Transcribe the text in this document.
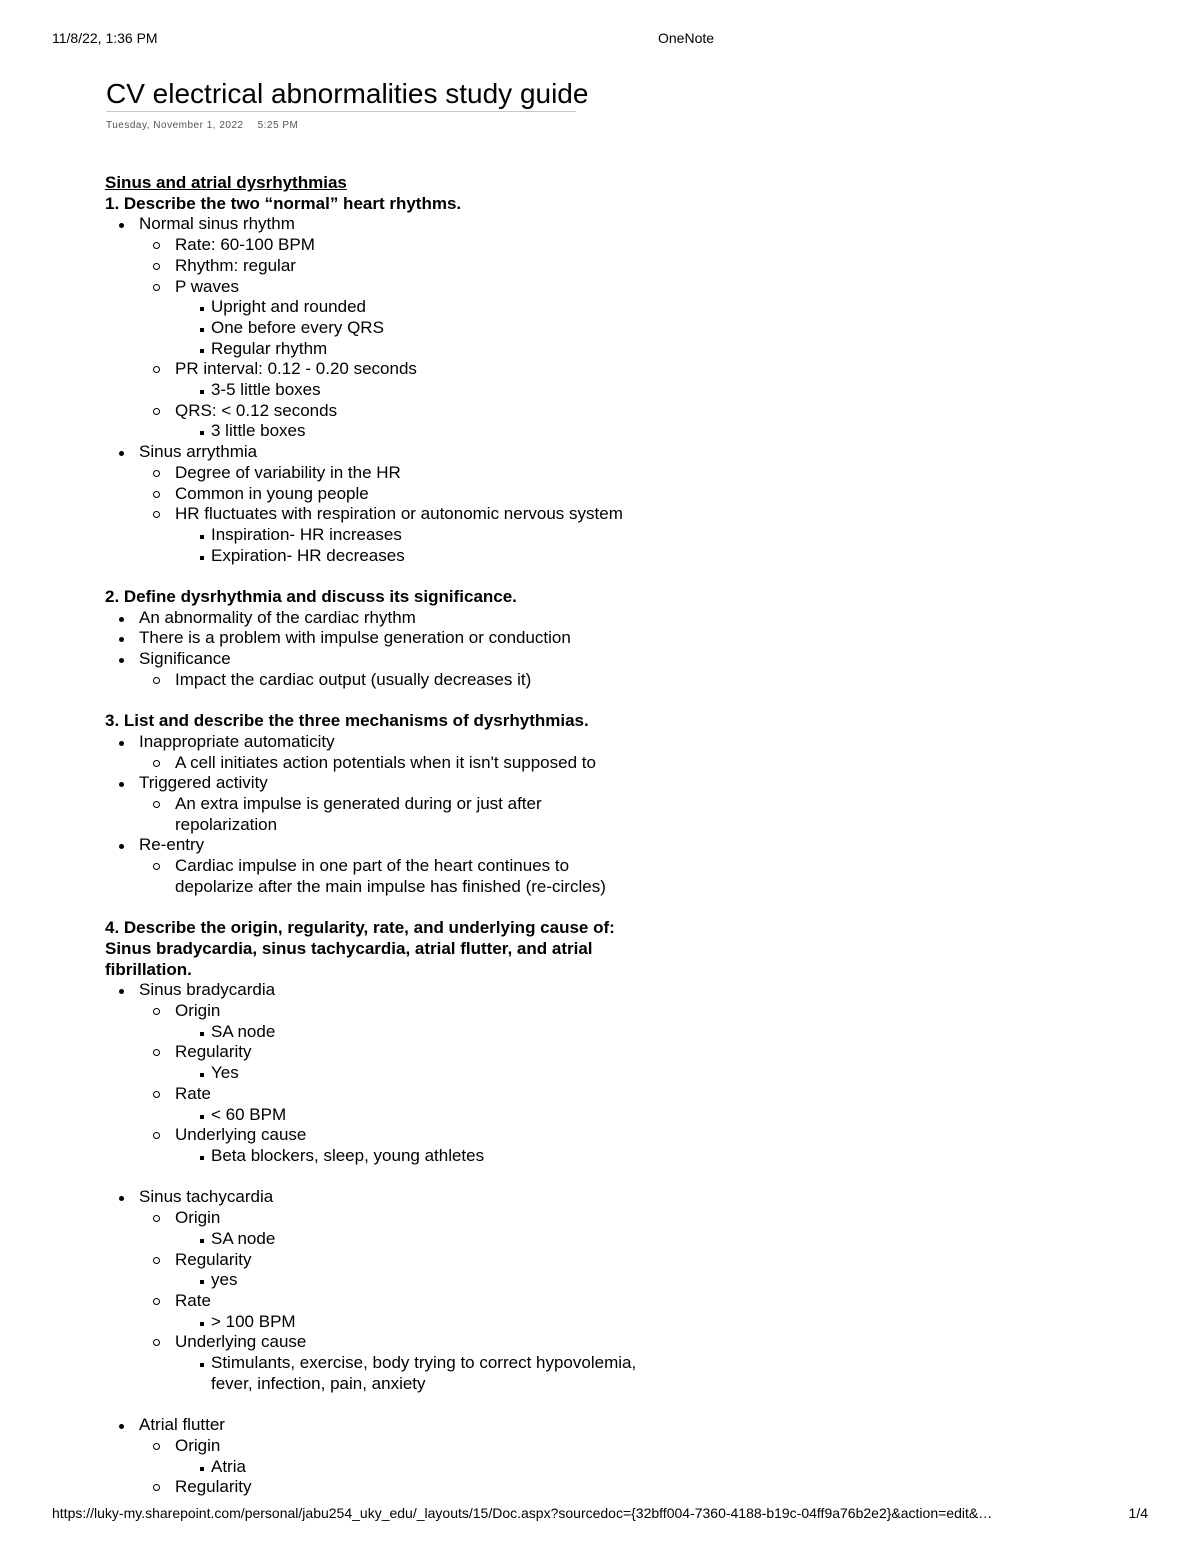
11/8/22, 1:36 PM	OneNote
CV electrical abnormalities study guide
Tuesday, November 1, 2022 5:25 PM
Sinus and atrial dysrhythmias
1. Describe the two “normal” heart rhythms.
Normal sinus rhythm
Rate: 60-100 BPM
Rhythm: regular
P waves
Upright and rounded
One before every QRS
Regular rhythm
PR interval: 0.12 - 0.20 seconds
3-5 little boxes
QRS: < 0.12 seconds
3 little boxes
Sinus arrythmia
Degree of variability in the HR
Common in young people
HR fluctuates with respiration or autonomic nervous system
Inspiration- HR increases
Expiration- HR decreases
2. Define dysrhythmia and discuss its significance.
An abnormality of the cardiac rhythm
There is a problem with impulse generation or conduction
Significance
Impact the cardiac output (usually decreases it)
3. List and describe the three mechanisms of dysrhythmias.
Inappropriate automaticity
A cell initiates action potentials when it isn't supposed to
Triggered activity
An extra impulse is generated during or just after repolarization
Re-entry
Cardiac impulse in one part of the heart continues to depolarize after the main impulse has finished (re-circles)
4. Describe the origin, regularity, rate, and underlying cause of: Sinus bradycardia, sinus tachycardia, atrial flutter, and atrial fibrillation.
Sinus bradycardia
Origin
SA node
Regularity
Yes
Rate
< 60 BPM
Underlying cause
Beta blockers, sleep, young athletes
Sinus tachycardia
Origin
SA node
Regularity
yes
Rate
> 100 BPM
Underlying cause
Stimulants, exercise, body trying to correct hypovolemia, fever, infection, pain, anxiety
Atrial flutter
Origin
Atria
Regularity
https://luky-my.sharepoint.com/personal/jabu254_uky_edu/_layouts/15/Doc.aspx?sourcedoc={32bff004-7360-4188-b19c-04ff9a76b2e2}&action=edit&…	1/4
